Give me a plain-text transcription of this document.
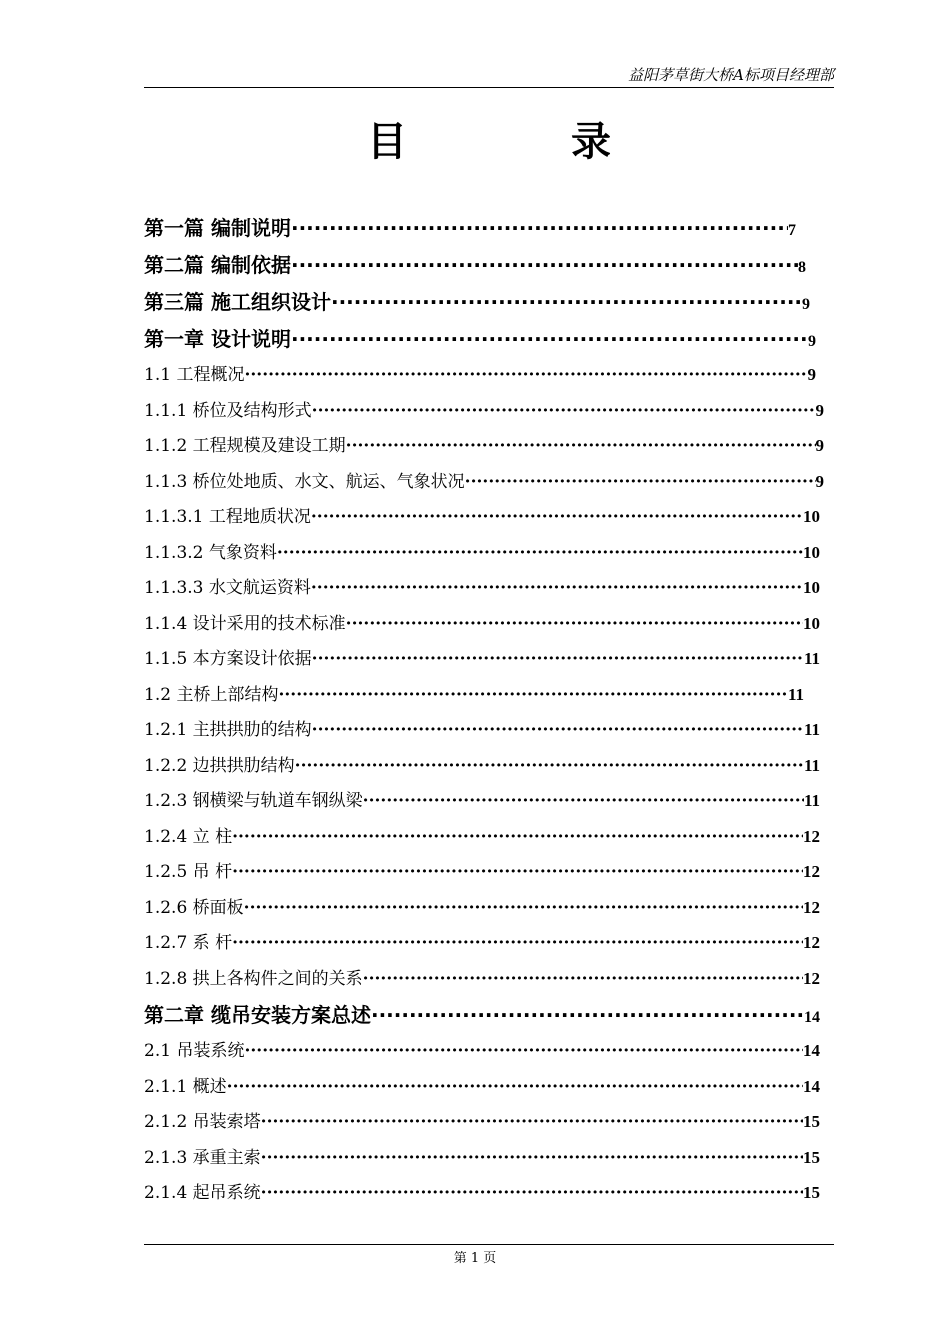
益阳茅草街大桥A标项目经理部
目	录
第一篇 编制说明 ·····	7
第二篇 编制依据 ·····	8
第三篇 施工组织设计 ·····	9
第一章 设计说明 ·····	9
1.1 工程概况 ·····	9
1.1.1 桥位及结构形式 ·····	9
1.1.2 工程规模及建设工期 ·····	9
1.1.3 桥位处地质、水文、航运、气象状况 ·····	9
1.1.3.1 工程地质状况 ·····	10
1.1.3.2 气象资料 ·····	10
1.1.3.3 水文航运资料 ·····	10
1.1.4 设计采用的技术标准 ·····	10
1.1.5 本方案设计依据 ·····	11
1.2 主桥上部结构 ·····	11
1.2.1 主拱拱肋的结构 ·····	11
1.2.2 边拱拱肋结构 ·····	11
1.2.3 钢横梁与轨道车钢纵梁 ·····	11
1.2.4 立 柱 ·····	12
1.2.5 吊 杆 ·····	12
1.2.6 桥面板 ·····	12
1.2.7 系 杆 ·····	12
1.2.8 拱上各构件之间的关系 ·····	12
第二章 缆吊安装方案总述 ·····	14
2.1 吊装系统 ·····	14
2.1.1 概述 ·····	14
2.1.2 吊装索塔 ·····	15
2.1.3 承重主索 ·····	15
2.1.4 起吊系统 ·····	15
第 1 页
